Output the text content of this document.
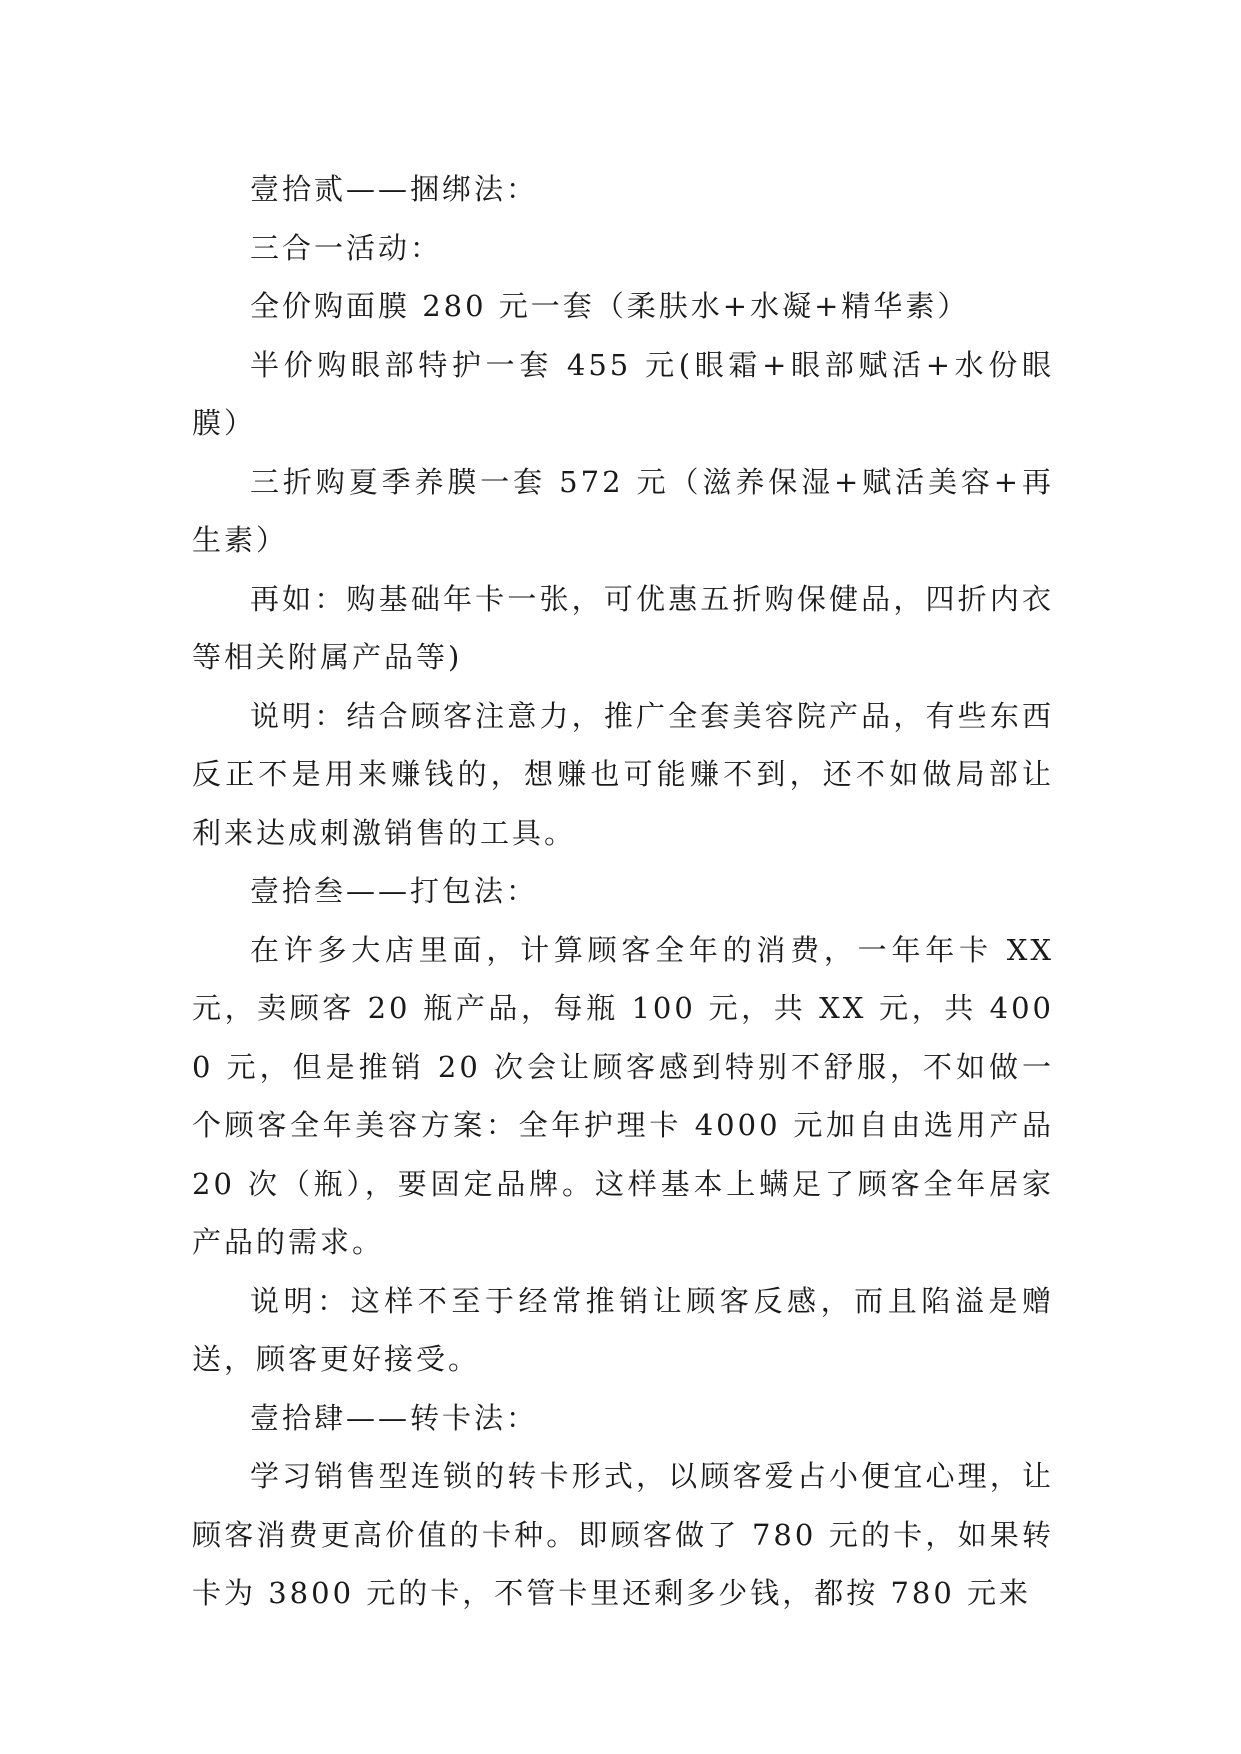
壹拾贰——捆绑法：

三合一活动：

全价购面膜 280 元一套（柔肤水+水凝+精华素）

半价购眼部特护一套 455 元(眼霜+眼部赋活+水份眼膜）

三折购夏季养膜一套 572 元（滋养保湿+赋活美容+再生素）

再如：购基础年卡一张，可优惠五折购保健品，四折内衣等相关附属产品等)

说明：结合顾客注意力，推广全套美容院产品，有些东西反正不是用来赚钱的，想赚也可能赚不到，还不如做局部让利来达成刺激销售的工具。

壹拾叁——打包法：

在许多大店里面，计算顾客全年的消费，一年年卡 XX 元，卖顾客 20 瓶产品，每瓶 100 元，共 XX 元，共 4000 元，但是推销 20 次会让顾客感到特别不舒服，不如做一个顾客全年美容方案：全年护理卡 4000 元加自由选用产品 20 次（瓶），要固定品牌。这样基本上螨足了顾客全年居家产品的需求。

说明：这样不至于经常推销让顾客反感，而且陷溢是赠送，顾客更好接受。

壹拾肆——转卡法：

学习销售型连锁的转卡形式，以顾客爱占小便宜心理，让顾客消费更高价值的卡种。即顾客做了 780 元的卡，如果转卡为 3800 元的卡，不管卡里还剩多少钱，都按 780 元来
